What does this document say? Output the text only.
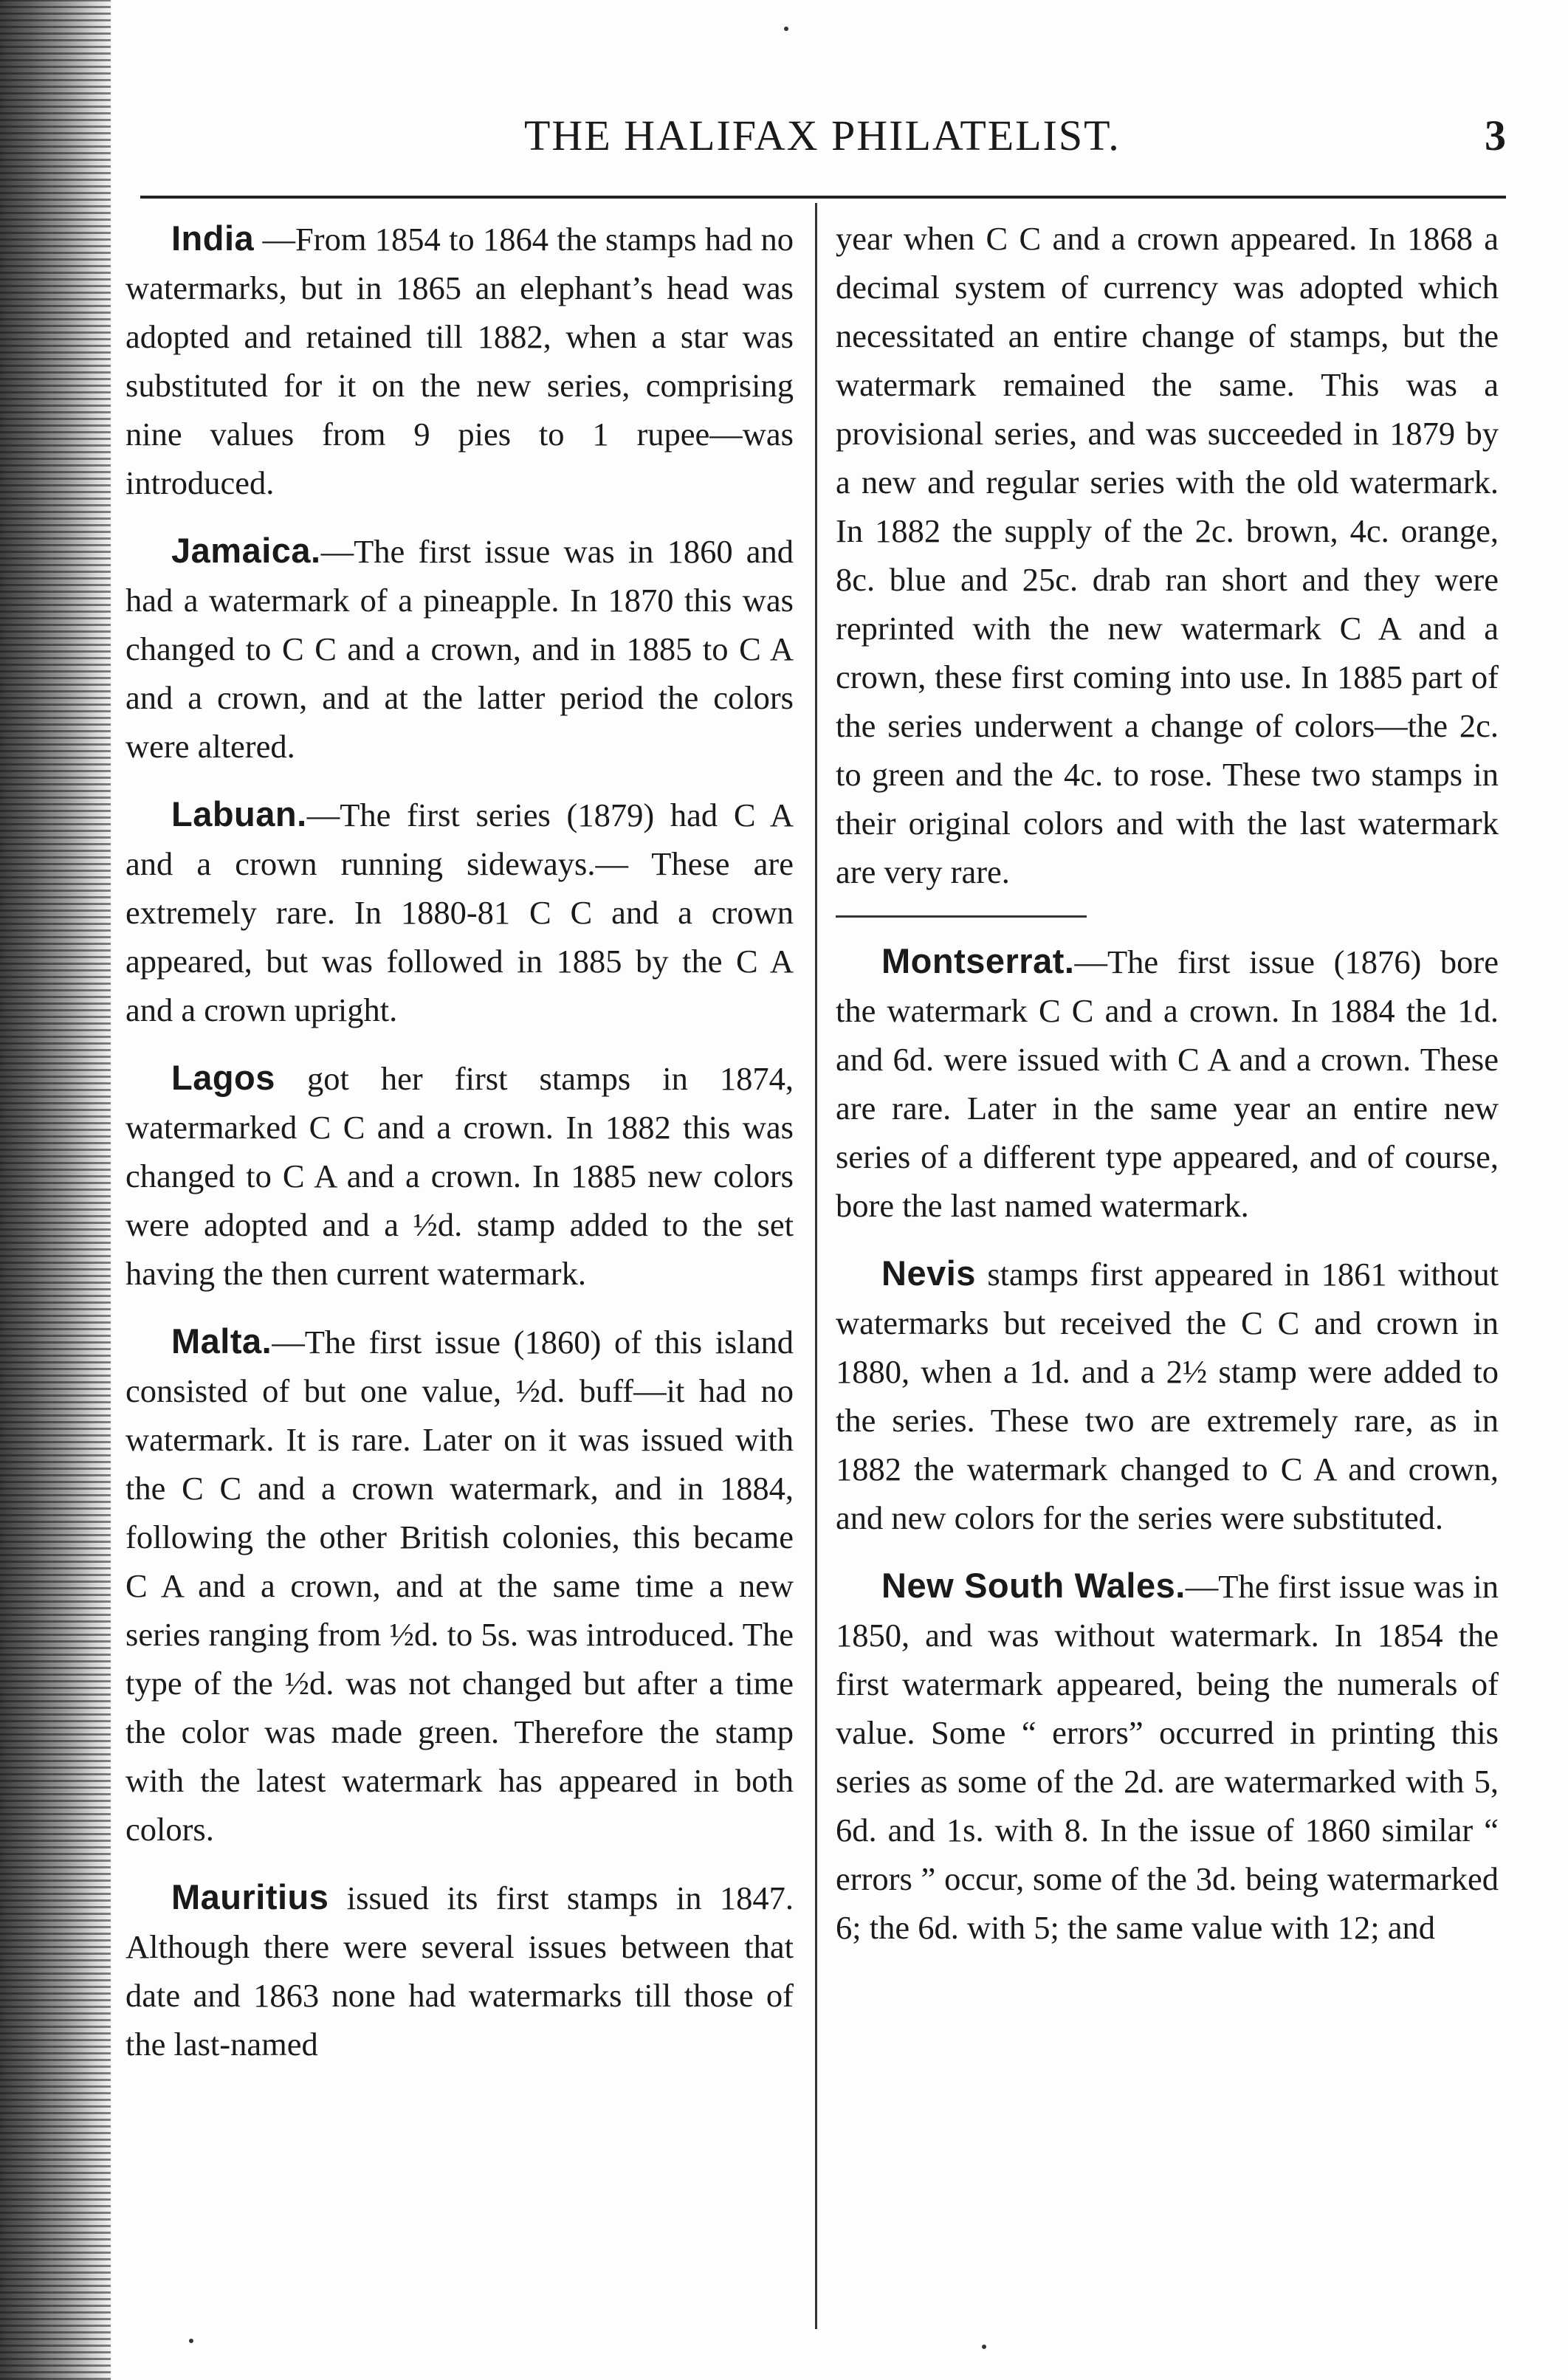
THE HALIFAX PHILATELIST.	3

India —From 1854 to 1864 the stamps had no watermarks, but in 1865 an elephant’s head was adopted and retained till 1882, when a star was substituted for it on the new series, comprising nine values from 9 pies to 1 rupee—was introduced.

Jamaica.—The first issue was in 1860 and had a watermark of a pineapple. In 1870 this was changed to C C and a crown, and in 1885 to C A and a crown, and at the latter period the colors were altered.

Labuan.—The first series (1879) had C A and a crown running sideways.— These are extremely rare. In 1880-81 C C and a crown appeared, but was followed in 1885 by the C A and a crown upright.

Lagos got her first stamps in 1874, watermarked C C and a crown. In 1882 this was changed to C A and a crown. In 1885 new colors were adopted and a ½d. stamp added to the set having the then current watermark.

Malta.—The first issue (1860) of this island consisted of but one value, ½d. buff—it had no watermark. It is rare. Later on it was issued with the C C and a crown watermark, and in 1884, following the other British colonies, this became C A and a crown, and at the same time a new series ranging from ½d. to 5s. was introduced. The type of the ½d. was not changed but after a time the color was made green. Therefore the stamp with the latest watermark has appeared in both colors.

Mauritius issued its first stamps in 1847. Although there were several issues between that date and 1863 none had watermarks till those of the last-named

year when C C and a crown appeared. In 1868 a decimal system of currency was adopted which necessitated an entire change of stamps, but the watermark remained the same. This was a provisional series, and was succeeded in 1879 by a new and regular series with the old watermark. In 1882 the supply of the 2c. brown, 4c. orange, 8c. blue and 25c. drab ran short and they were reprinted with the new watermark C A and a crown, these first coming into use. In 1885 part of the series underwent a change of colors—the 2c. to green and the 4c. to rose. These two stamps in their original colors and with the last watermark are very rare.

Montserrat.—The first issue (1876) bore the watermark C C and a crown. In 1884 the 1d. and 6d. were issued with C A and a crown. These are rare. Later in the same year an entire new series of a different type appeared, and of course, bore the last named watermark.

Nevis stamps first appeared in 1861 without watermarks but received the C C and crown in 1880, when a 1d. and a 2½ stamp were added to the series. These two are extremely rare, as in 1882 the watermark changed to C A and crown, and new colors for the series were substituted.

New South Wales.—The first issue was in 1850, and was without watermark. In 1854 the first watermark appeared, being the numerals of value. Some “ errors” occurred in printing this series as some of the 2d. are watermarked with 5, 6d. and 1s. with 8. In the issue of 1860 similar “ errors ” occur, some of the 3d. being watermarked 6; the 6d. with 5; the same value with 12; and
